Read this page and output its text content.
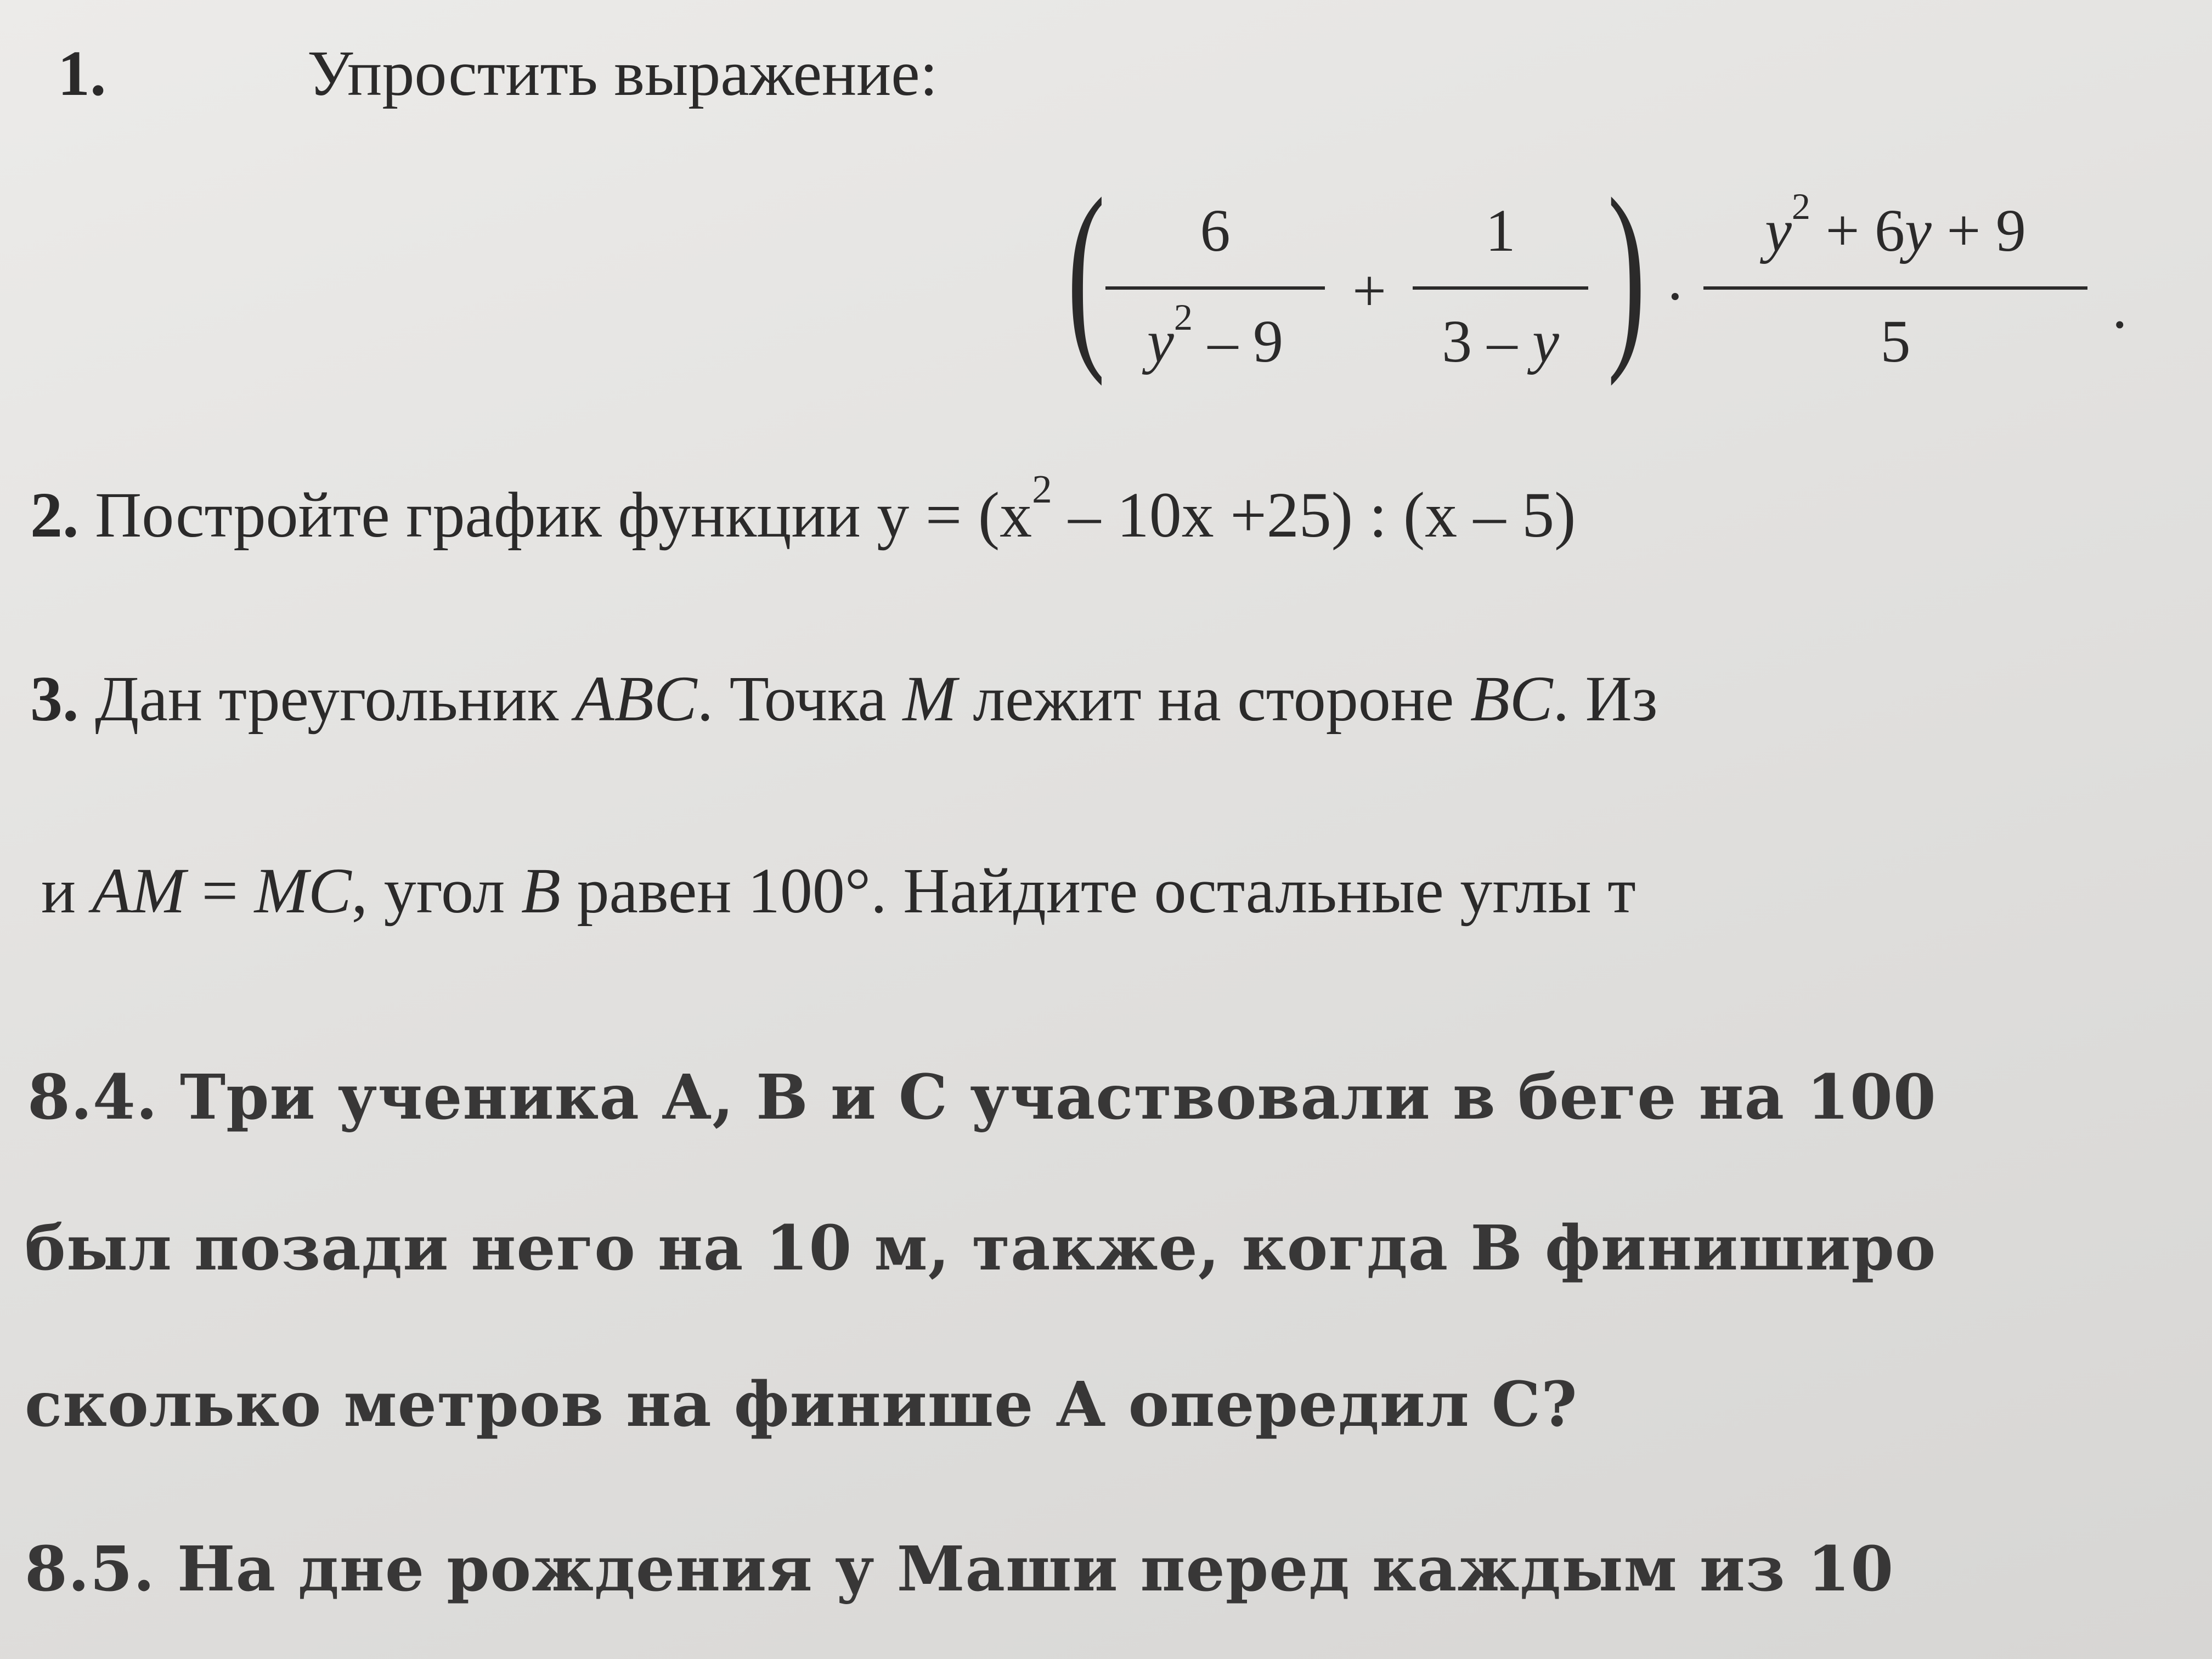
1.	Упростить выражение:
(	6
$y^2 - 9$
+
1
3 – y ) ·
$y^2 + 6y + 9$
5
.
2. Постройте график функции $y = (x^2 - 10x +25)$ : (x – 5)
3. Дан треугольник ABC. Точка M лежит на стороне BC. Из
и AM = MC, угол B равен 100°. Найдите остальные углы т
8.4. Три ученика А, В и С участвовали в беге на 100
был позади него на 10 м, также, когда В финиширо
сколько метров на финише А опередил С?
8.5. На дне рождения у Маши перед каждым из 10
